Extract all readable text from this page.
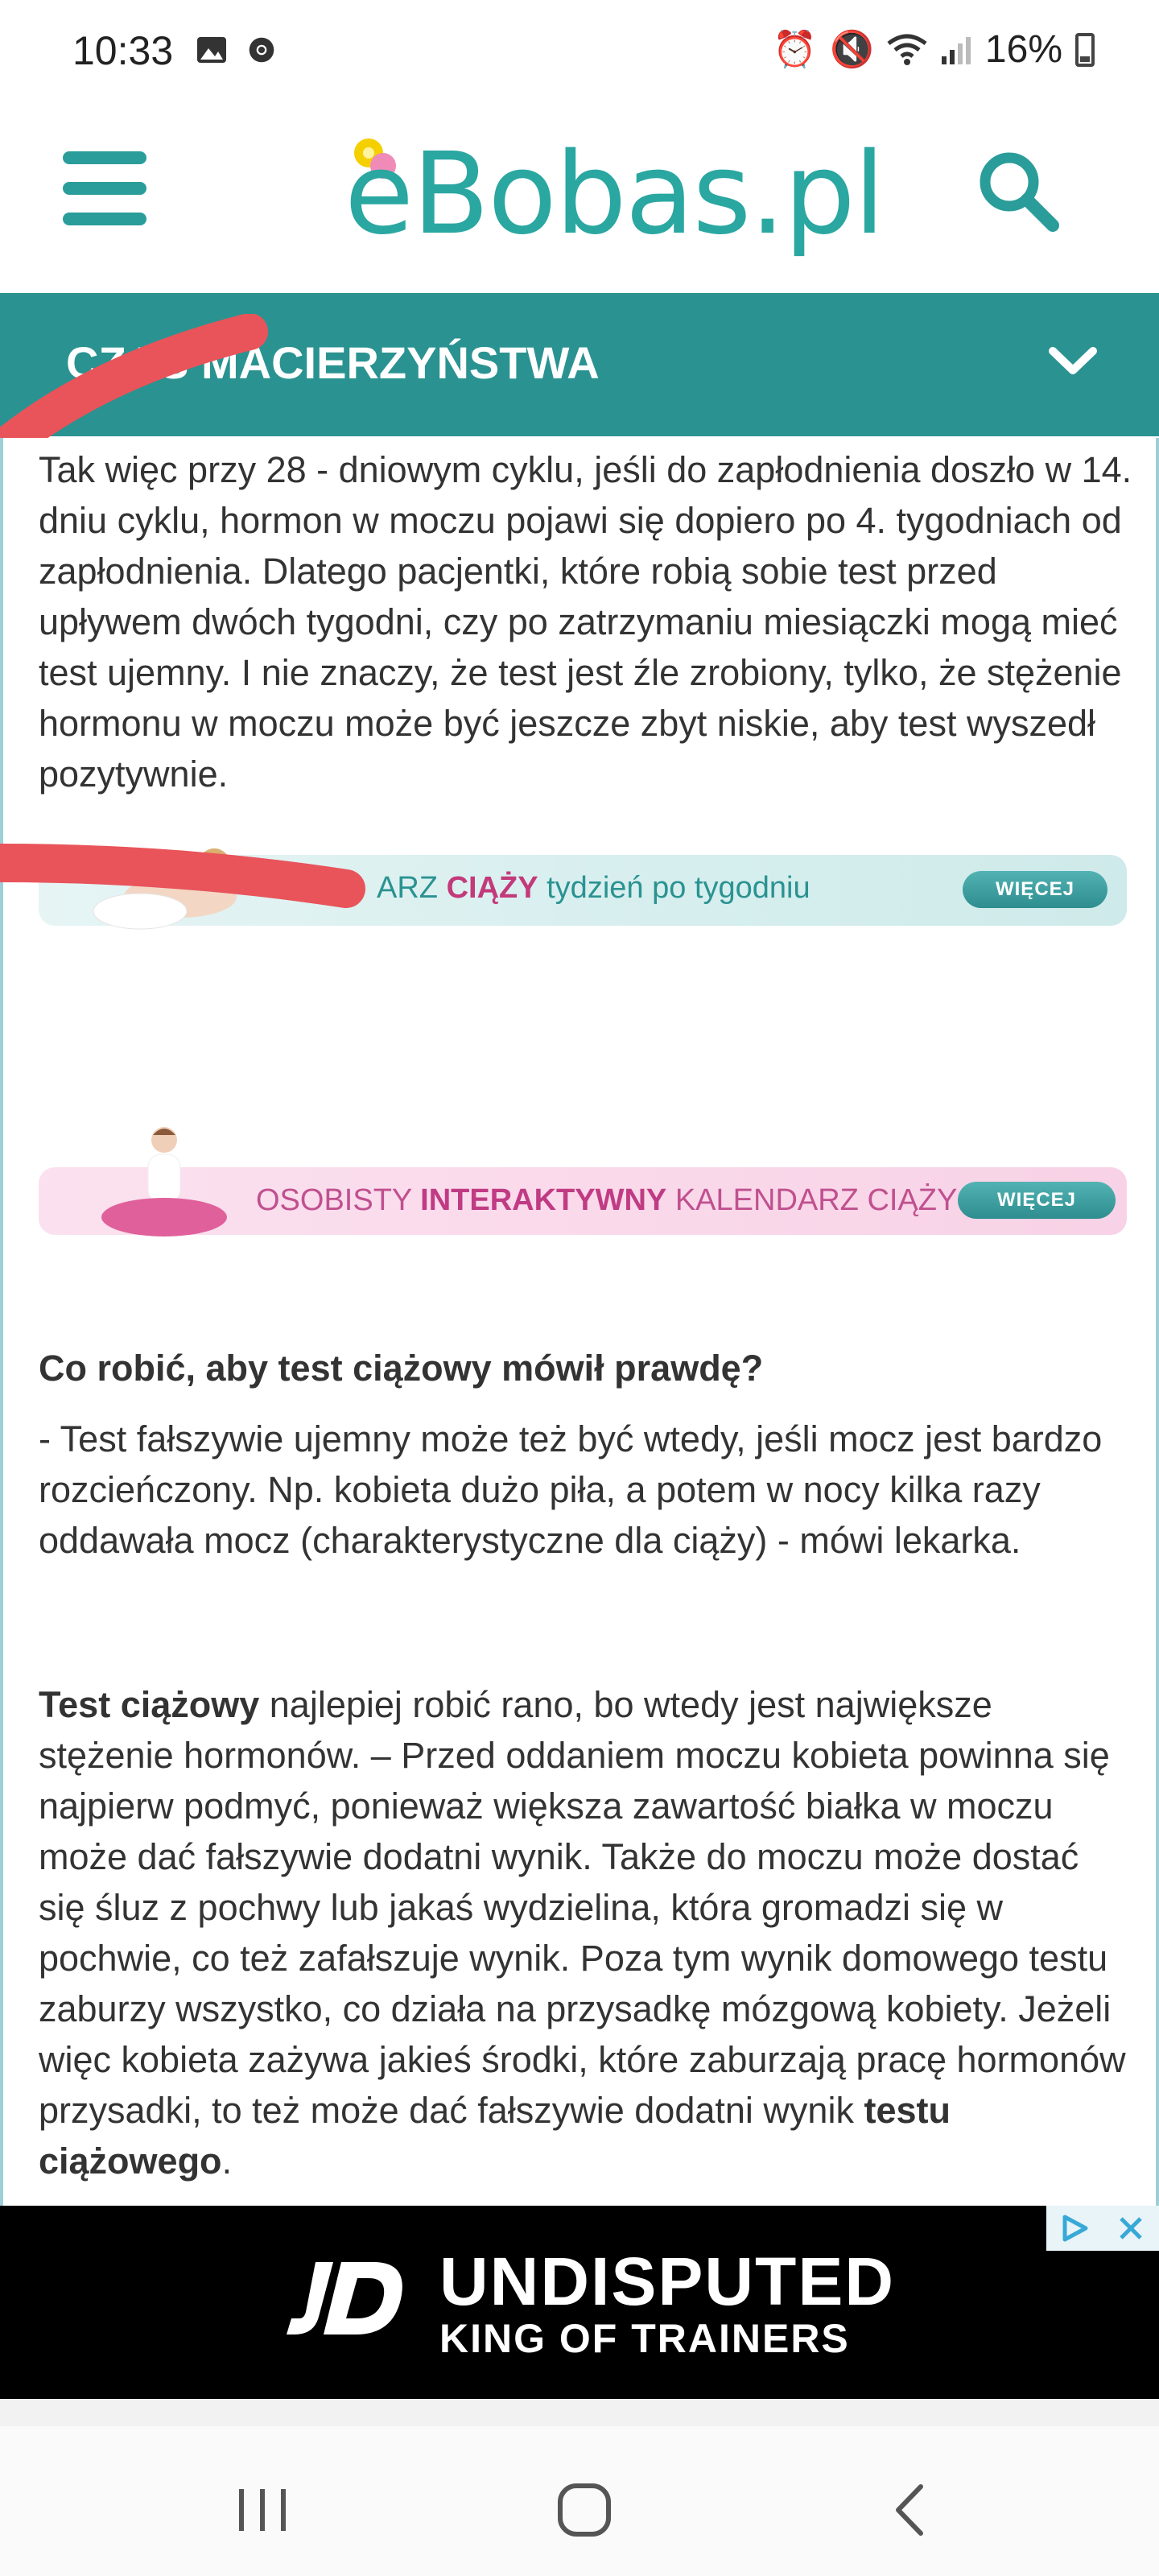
10:33	⏰ 🔇	16%
eBobas.pl
CZAS MACIERZYŃSTWA

Tak więc przy 28 - dniowym cyklu, jeśli do zapłodnienia doszło w 14. dniu cyklu, hormon w moczu pojawi się dopiero po 4. tygodniach od zapłodnienia. Dlatego pacjentki, które robią sobie test przed upływem dwóch tygodni, czy po zatrzymaniu miesiączki mogą mieć test ujemny. I nie znaczy, że test jest źle zrobiony, tylko, że stężenie hormonu w moczu może być jeszcze zbyt niskie, aby test wyszedł pozytywnie.

ARZ CIĄŻY tydzień po tygodniu	WIĘCEJ
OSOBISTY INTERAKTYWNY KALENDARZ CIĄŻY	WIĘCEJ
Co robić, aby test ciążowy mówił prawdę?

- Test fałszywie ujemny może też być wtedy, jeśli mocz jest bardzo rozcieńczony. Np. kobieta dużo piła, a potem w nocy kilka razy oddawała mocz (charakterystyczne dla ciąży) - mówi lekarka.

Test ciążowy najlepiej robić rano, bo wtedy jest największe stężenie hormonów. – Przed oddaniem moczu kobieta powinna się najpierw podmyć, ponieważ większa zawartość białka w moczu może dać fałszywie dodatni wynik. Także do moczu może dostać się śluz z pochwy lub jakaś wydzielina, która gromadzi się w pochwie, co też zafałszuje wynik. Poza tym wynik domowego testu zaburzy wszystko, co działa na przysadkę mózgową kobiety. Jeżeli więc kobieta zażywa jakieś środki, które zaburzają pracę hormonów przysadki, to też może dać fałszywie dodatni wynik testu ciążowego.

UNDISPUTED
KING OF TRAINERS
